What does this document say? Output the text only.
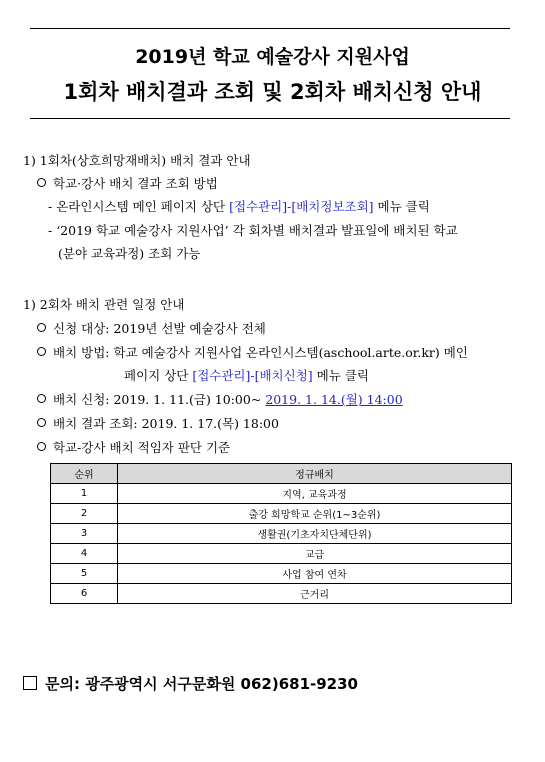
2019년 학교 예술강사 지원사업
1회차 배치결과 조회 및 2회차 배치신청 안내
1) 1회차(상호희망재배치) 배치 결과 안내
학교·강사 배치 결과 조회 방법
- 온라인시스템 메인 페이지 상단 [접수관리]-[배치정보조회] 메뉴 클릭
- ‘2019 학교 예술강사 지원사업’ 각 회차별 배치결과 발표일에 배치된 학교
(분야 교육과정) 조회 가능
1) 2회차 배치 관련 일정 안내
신청 대상: 2019년 선발 예술강사 전체
배치 방법: 학교 예술강사 지원사업 온라인시스템(aschool.arte.or.kr) 메인
페이지 상단 [접수관리]-[배치신청] 메뉴 클릭
배치 신청: 2019. 1. 11.(금) 10:00~ 2019. 1. 14.(월) 14:00
배치 결과 조회: 2019. 1. 17.(목) 18:00
학교-강사 배치 적임자 판단 기준
순위	정규배치
1	지역, 교육과정
2	출강 희망학교 순위(1~3순위)
3	생활권(기초자치단체단위)
4	교급
5	사업 참여 연차
6	근거리
문의: 광주광역시 서구문화원 062)681-9230
